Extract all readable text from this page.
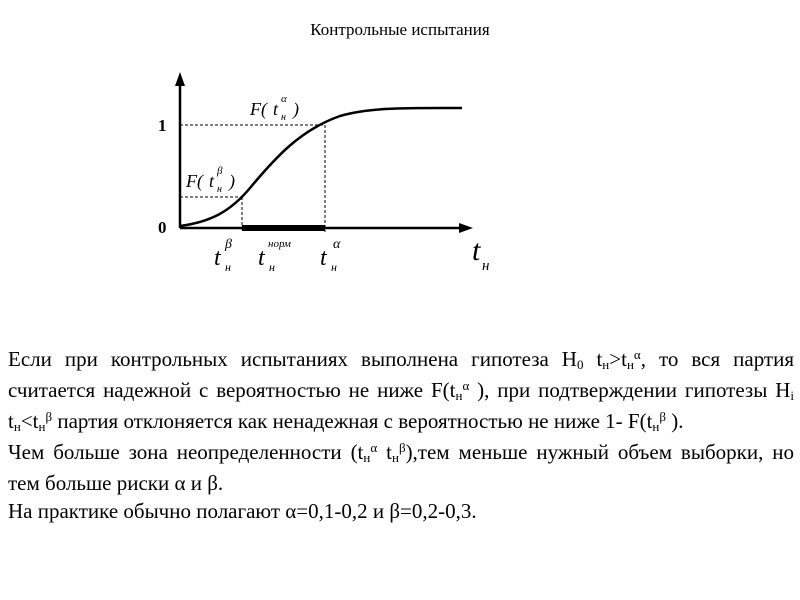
Контрольные испытания
1
0
F( t н
α )
F( t н
β )
t н
β
t н
норм
t н
α	t н

Если при контрольных испытаниях выполнена гипотеза H0 $tн>tн^\alpha$, то вся партия считается надежной с вероятностью не ниже $F(tн^\alpha$ ), при подтверждении гипотезы Hi $tн<tн^\beta$ партия отклоняется как ненадежная с вероятностью не ниже 1- $F(tн^\beta$ ).

Чем больше зона неопределенности ($tн^\alpha$ $tн^\beta),тем$ меньше нужный объем выборки, но тем больше риски α и β.

На практике обычно полагают α=0,1-0,2 и β=0,2-0,3.
